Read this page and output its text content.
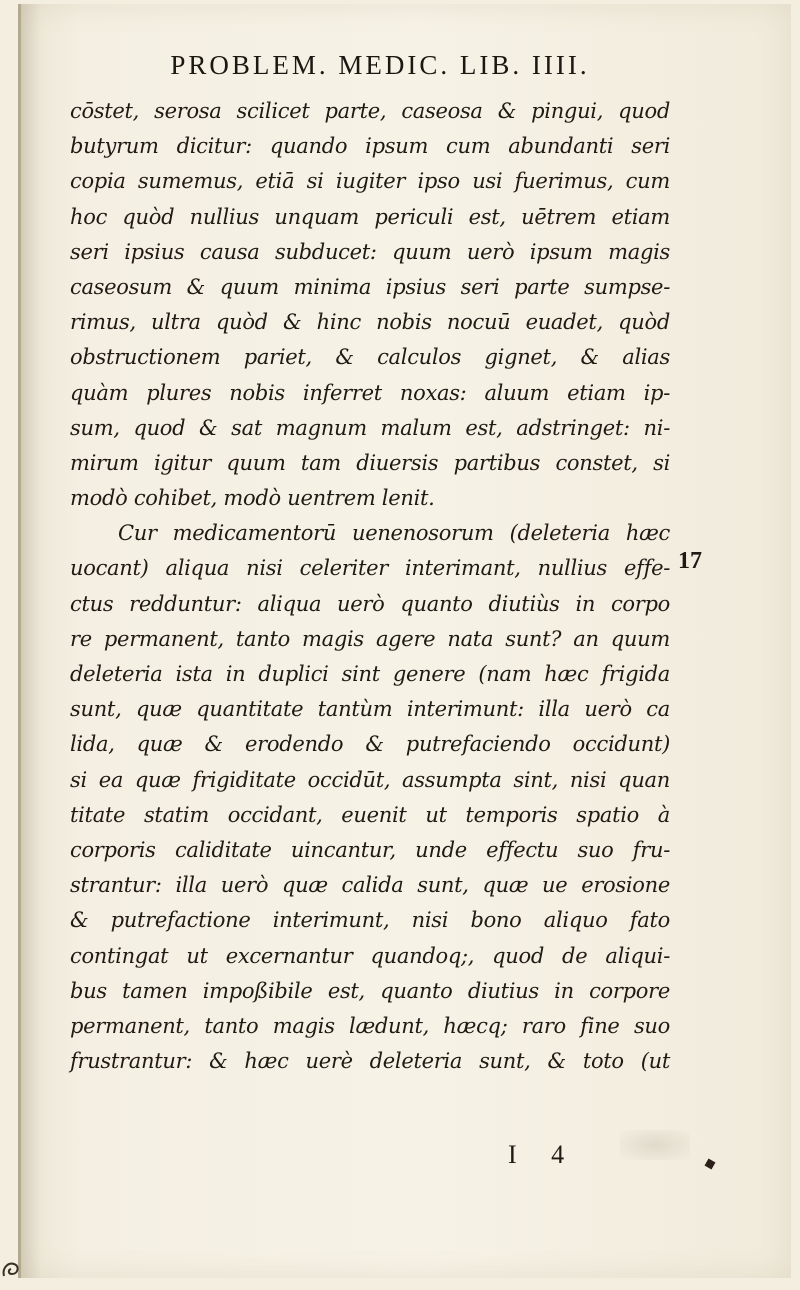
PROBLEM. MEDIC. LIB. IIII.
17
cōstet, serosa scilicet parte, caseosa & pingui, quod
butyrum dicitur: quando ipsum cum abundanti seri
copia sumemus, etiā si iugiter ipso usi fuerimus, cum
hoc quòd nullius unquam periculi est, uētrem etiam
seri ipsius causa subducet: quum uerò ipsum magis
caseosum & quum minima ipsius seri parte sumpse-
rimus, ultra quòd & hinc nobis nocuū euadet, quòd
obstructionem pariet, & calculos gignet, & alias
quàm plures nobis inferret noxas: aluum etiam ip-
sum, quod & sat magnum malum est, adstringet: ni-
mirum igitur quum tam diuersis partibus constet, si
modò cohibet, modò uentrem lenit.
Cur medicamentorū uenenosorum (deleteria hæc
uocant) aliqua nisi celeriter interimant, nullius effe-
ctus redduntur: aliqua uerò quanto diutiùs in corpo
re permanent, tanto magis agere nata sunt? an quum
deleteria ista in duplici sint genere (nam hæc frigida
sunt, quæ quantitate tantùm interimunt: illa uerò ca
lida, quæ & erodendo & putrefaciendo occidunt)
si ea quæ frigiditate occidūt, assumpta sint, nisi quan
titate statim occidant, euenit ut temporis spatio à
corporis caliditate uincantur, unde effectu suo fru-
strantur: illa uerò quæ calida sunt, quæ ue erosione
& putrefactione interimunt, nisi bono aliquo fato
contingat ut excernantur quandoq;, quod de aliqui-
bus tamen impoßibile est, quanto diutius in corpore
permanent, tanto magis lædunt, hæcq; raro fine suo
frustrantur: & hæc uerè deleteria sunt, & toto (ut
I 4
